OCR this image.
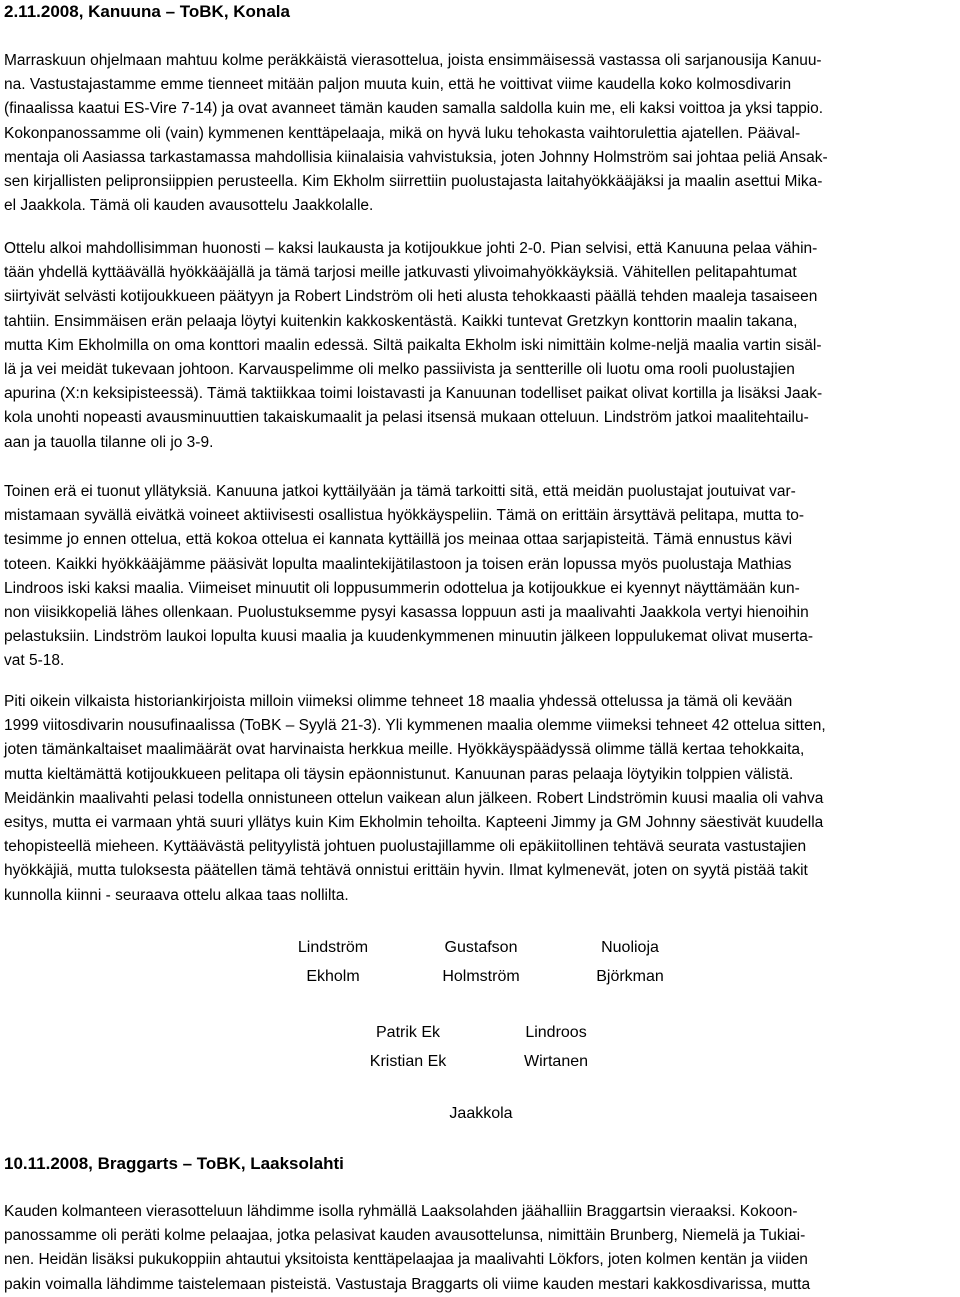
2.11.2008, Kanuuna – ToBK, Konala
Marraskuun ohjelmaan mahtuu kolme peräkkäistä vierasottelua, joista ensimmäisessä vastassa oli sarjanousija Kanuu-
na. Vastustajastamme emme tienneet mitään paljon muuta kuin, että he voittivat viime kaudella koko kolmosdivarin
(finaalissa kaatui ES-Vire 7-14) ja ovat avanneet tämän kauden samalla saldolla kuin me, eli kaksi voittoa ja yksi tappio.
Kokonpanossamme oli (vain) kymmenen kenttäpelaaja, mikä on hyvä luku tehokasta vaihtorulettia ajatellen. Pääval-
mentaja oli Aasiassa tarkastamassa mahdollisia kiinalaisia vahvistuksia, joten Johnny Holmström sai johtaa peliä Ansak-
sen kirjallisten pelipronsiippien perusteella. Kim Ekholm siirrettiin puolustajasta laitahyökkääjäksi ja maalin asettui Mika-
el Jaakkola. Tämä oli kauden avausottelu Jaakkolalle.
Ottelu alkoi mahdollisimman huonosti – kaksi laukausta ja kotijoukkue johti 2-0. Pian selvisi, että Kanuuna pelaa vähin-
tään yhdellä kyttäävällä hyökkääjällä ja tämä tarjosi meille jatkuvasti ylivoimahyökkäyksiä. Vähitellen pelitapahtumat
siirtyivät selvästi kotijoukkueen päätyyn ja Robert Lindström oli heti alusta tehokkaasti päällä tehden maaleja tasaiseen
tahtiin. Ensimmäisen erän pelaaja löytyi kuitenkin kakkoskentästä. Kaikki tuntevat Gretzkyn konttorin maalin takana,
mutta Kim Ekholmilla on oma konttori maalin edessä. Siltä paikalta Ekholm iski nimittäin kolme-neljä maalia vartin sisäl-
lä ja vei meidät tukevaan johtoon. Karvauspelimme oli melko passiivista ja sentterille oli luotu oma rooli puolustajien
apurina (X:n keksipisteessä). Tämä taktiikkaa toimi loistavasti ja Kanuunan todelliset paikat olivat kortilla ja lisäksi Jaak-
kola unohti nopeasti avausminuuttien takaiskumaalit ja pelasi itsensä mukaan otteluun. Lindström jatkoi maalitehtailu-
aan ja tauolla tilanne oli jo 3-9.
Toinen erä ei tuonut yllätyksiä. Kanuuna jatkoi kyttäilyään ja tämä tarkoitti sitä, että meidän puolustajat joutuivat var-
mistamaan syvällä eivätkä voineet aktiivisesti osallistua hyökkäyspeliin. Tämä on erittäin ärsyttävä pelitapa, mutta to-
tesimme jo ennen ottelua, että kokoa ottelua ei kannata kyttäillä jos meinaa ottaa sarjapisteitä. Tämä ennustus kävi
toteen. Kaikki hyökkääjämme pääsivät lopulta maalintekijätilastoon ja toisen erän lopussa myös puolustaja Mathias
Lindroos iski kaksi maalia. Viimeiset minuutit oli loppusummerin odottelua ja kotijoukkue ei kyennyt näyttämään kun-
non viisikkopeliä lähes ollenkaan. Puolustuksemme pysyi kasassa loppuun asti ja maalivahti Jaakkola vertyi hienoihin
pelastuksiin. Lindström laukoi lopulta kuusi maalia ja kuudenkymmenen minuutin jälkeen loppulukemat olivat muserta-
vat 5-18.
Piti oikein vilkaista historiankirjoista milloin viimeksi olimme tehneet 18 maalia yhdessä ottelussa ja tämä oli kevään
1999 viitosdivarin nousufinaalissa (ToBK – Syylä 21-3). Yli kymmenen maalia olemme viimeksi tehneet 42 ottelua sitten,
joten tämänkaltaiset maalimäärät ovat harvinaista herkkua meille. Hyökkäyspäädyssä olimme tällä kertaa tehokkaita,
mutta kieltämättä kotijoukkueen pelitapa oli täysin epäonnistunut. Kanuunan paras pelaaja löytyikin tolppien välistä.
Meidänkin maalivahti pelasi todella onnistuneen ottelun vaikean alun jälkeen. Robert Lindströmin kuusi maalia oli vahva
esitys, mutta ei varmaan yhtä suuri yllätys kuin Kim Ekholmin tehoilta. Kapteeni Jimmy ja GM Johnny säestivät kuudella
tehopisteellä mieheen. Kyttäävästä pelityylistä johtuen puolustajillamme oli epäkiitollinen tehtävä seurata vastustajien
hyökkäjiä, mutta tuloksesta päätellen tämä tehtävä onnistui erittäin hyvin. Ilmat kylmenevät, joten on syytä pistää takit
kunnolla kiinni - seuraava ottelu alkaa taas nollilta.
Lindström	Gustafson	Nuolioja
Ekholm	Holmström	Björkman
Patrik Ek	Lindroos
Kristian Ek	Wirtanen
Jaakkola
10.11.2008, Braggarts – ToBK, Laaksolahti
Kauden kolmanteen vierasotteluun lähdimme isolla ryhmällä Laaksolahden jäähalliin Braggartsin vieraaksi. Kokoon-
panossamme oli peräti kolme pelaajaa, jotka pelasivat kauden avausottelunsa, nimittäin Brunberg, Niemelä ja Tukiai-
nen. Heidän lisäksi pukukoppiin ahtautui yksitoista kenttäpelaajaa ja maalivahti Lökfors, joten kolmen kentän ja viiden
pakin voimalla lähdimme taistelemaan pisteistä. Vastustaja Braggarts oli viime kauden mestari kakkosdivarissa, mutta
